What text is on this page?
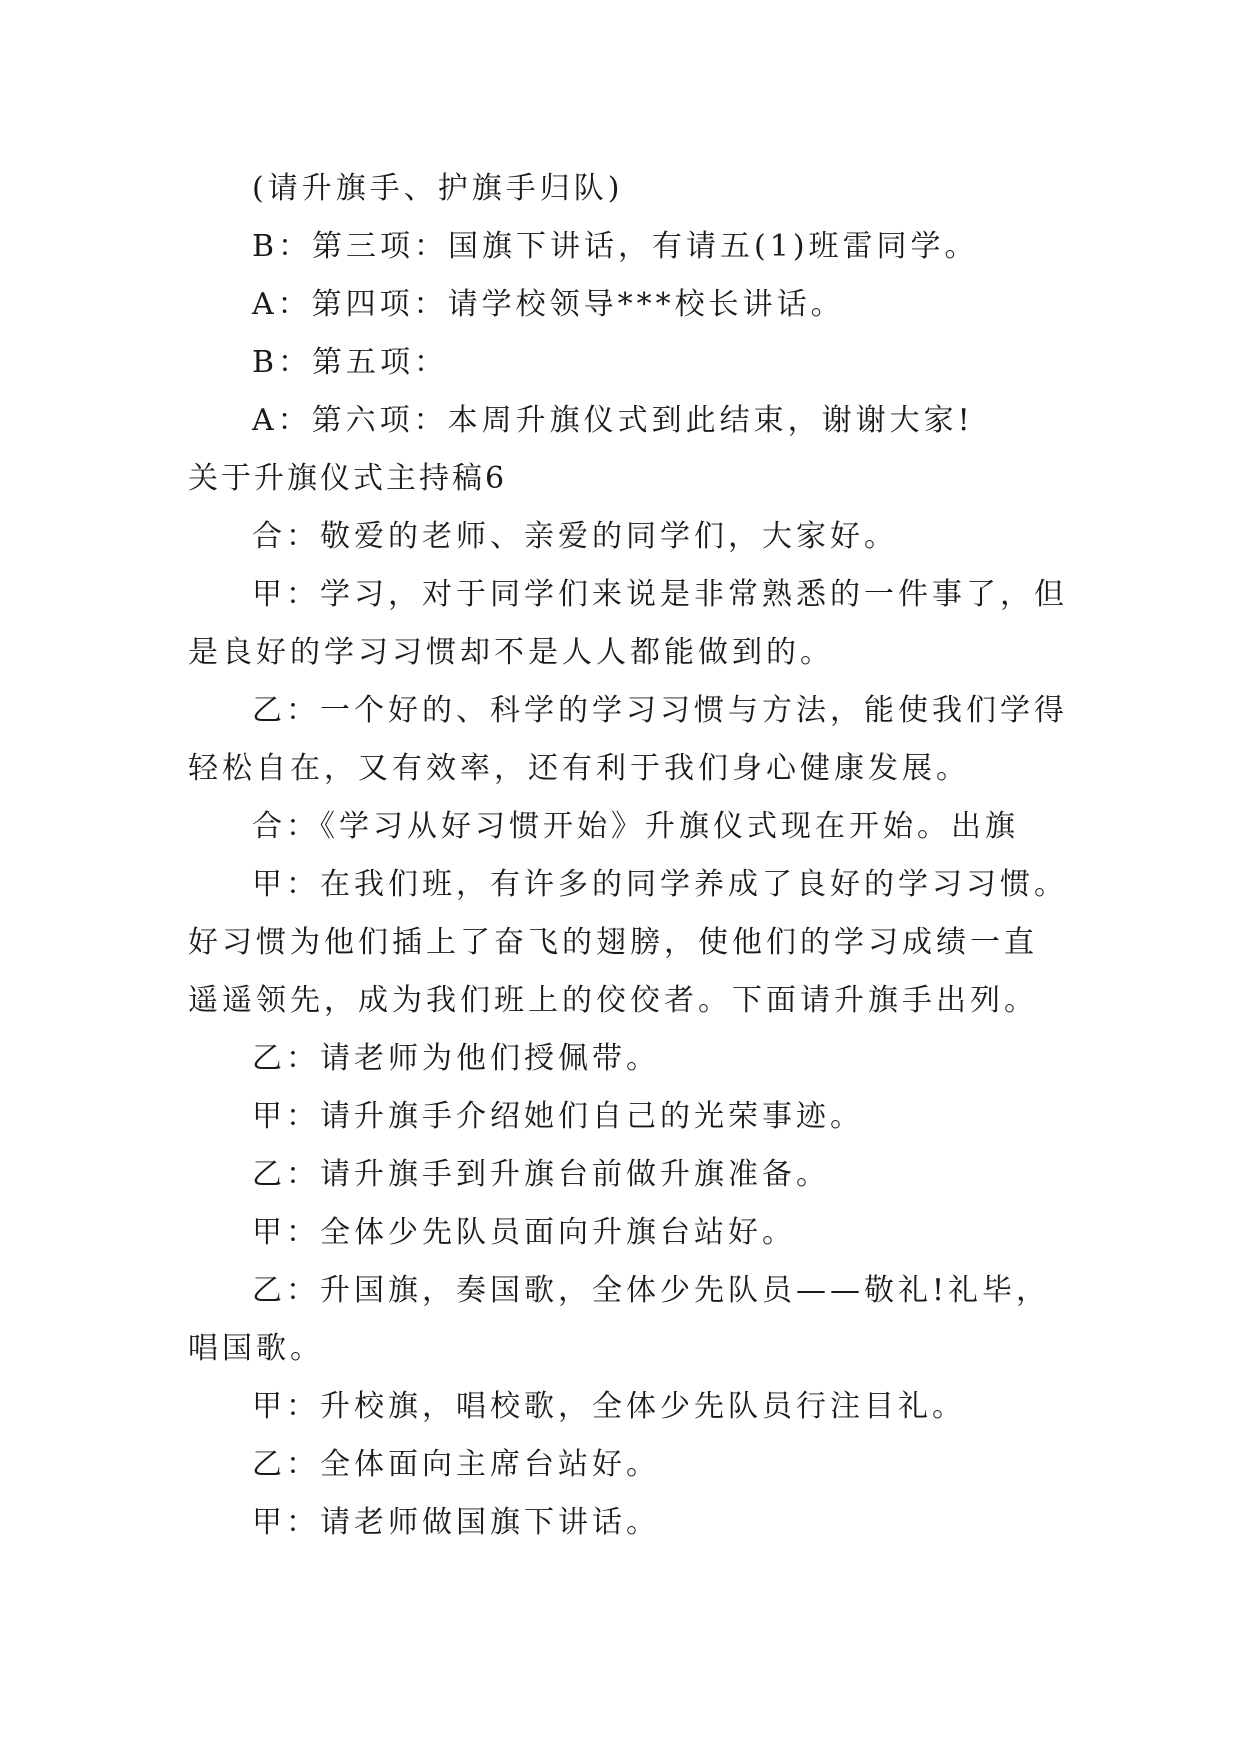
(请升旗手、护旗手归队)

B：第三项：国旗下讲话，有请五(1)班雷同学。

A：第四项：请学校领导***校长讲话。

B：第五项：

A：第六项：本周升旗仪式到此结束，谢谢大家!

关于升旗仪式主持稿6

合：敬爱的老师、亲爱的同学们，大家好。

甲：学习，对于同学们来说是非常熟悉的一件事了，但是良好的学习习惯却不是人人都能做到的。

乙：一个好的、科学的学习习惯与方法，能使我们学得轻松自在，又有效率，还有利于我们身心健康发展。

合：《学习从好习惯开始》升旗仪式现在开始。出旗

甲：在我们班，有许多的同学养成了良好的学习习惯。好习惯为他们插上了奋飞的翅膀，使他们的学习成绩一直遥遥领先，成为我们班上的佼佼者。下面请升旗手出列。

乙：请老师为他们授佩带。

甲：请升旗手介绍她们自己的光荣事迹。

乙：请升旗手到升旗台前做升旗准备。

甲：全体少先队员面向升旗台站好。

乙：升国旗，奏国歌，全体少先队员——敬礼!礼毕，唱国歌。

甲：升校旗，唱校歌，全体少先队员行注目礼。

乙：全体面向主席台站好。

甲：请老师做国旗下讲话。
